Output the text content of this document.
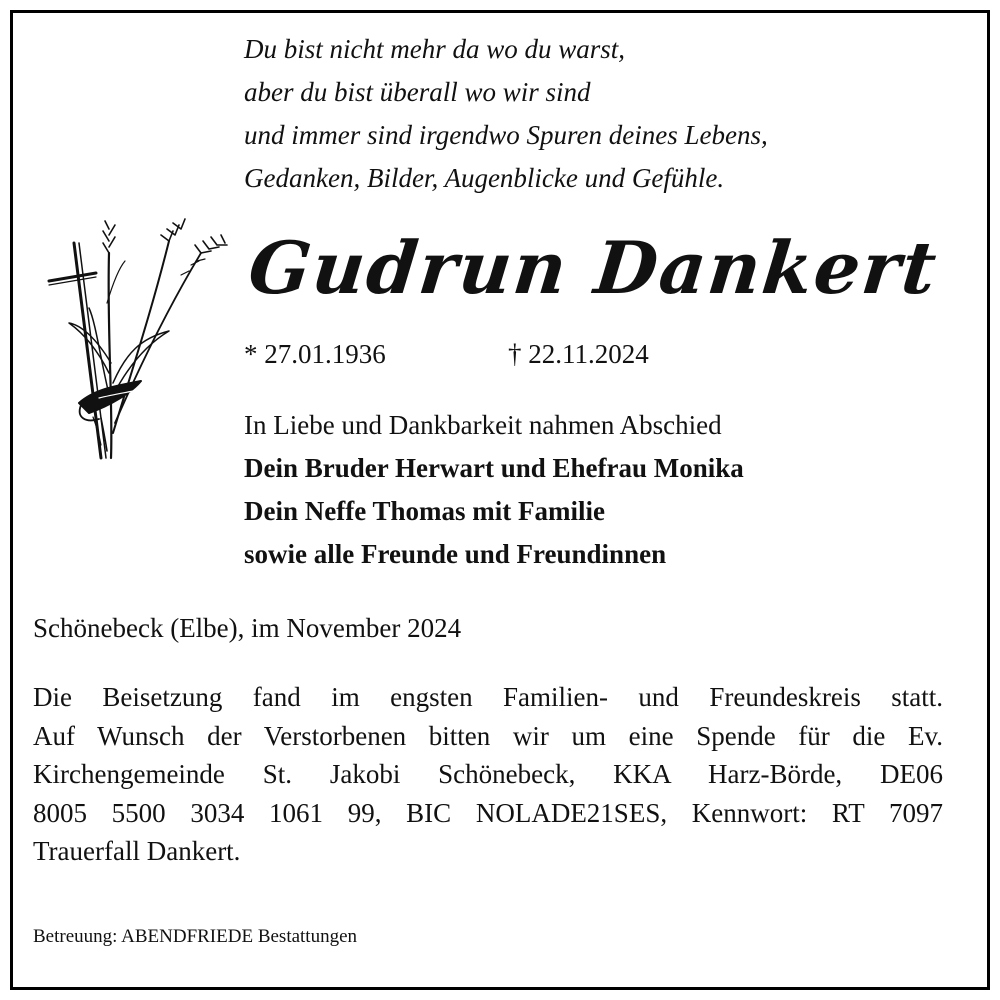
Du bist nicht mehr da wo du warst,
aber du bist überall wo wir sind
und immer sind irgendwo Spuren deines Lebens,
Gedanken, Bilder, Augenblicke und Gefühle.
Gudrun Dankert
* 27.01.1936	† 22.11.2024
In Liebe und Dankbarkeit nahmen Abschied
Dein Bruder Herwart und Ehefrau Monika
Dein Neffe Thomas mit Familie
sowie alle Freunde und Freundinnen
Schönebeck (Elbe), im November 2024
Die Beisetzung fand im engsten Familien- und Freundeskreis statt.
Auf Wunsch der Verstorbenen bitten wir um eine Spende für die Ev.
Kirchengemeinde St. Jakobi Schönebeck, KKA Harz-Börde, DE06
8005 5500 3034 1061 99, BIC NOLADE21SES, Kennwort: RT 7097
Trauerfall Dankert.
Betreuung: ABENDFRIEDE Bestattungen
